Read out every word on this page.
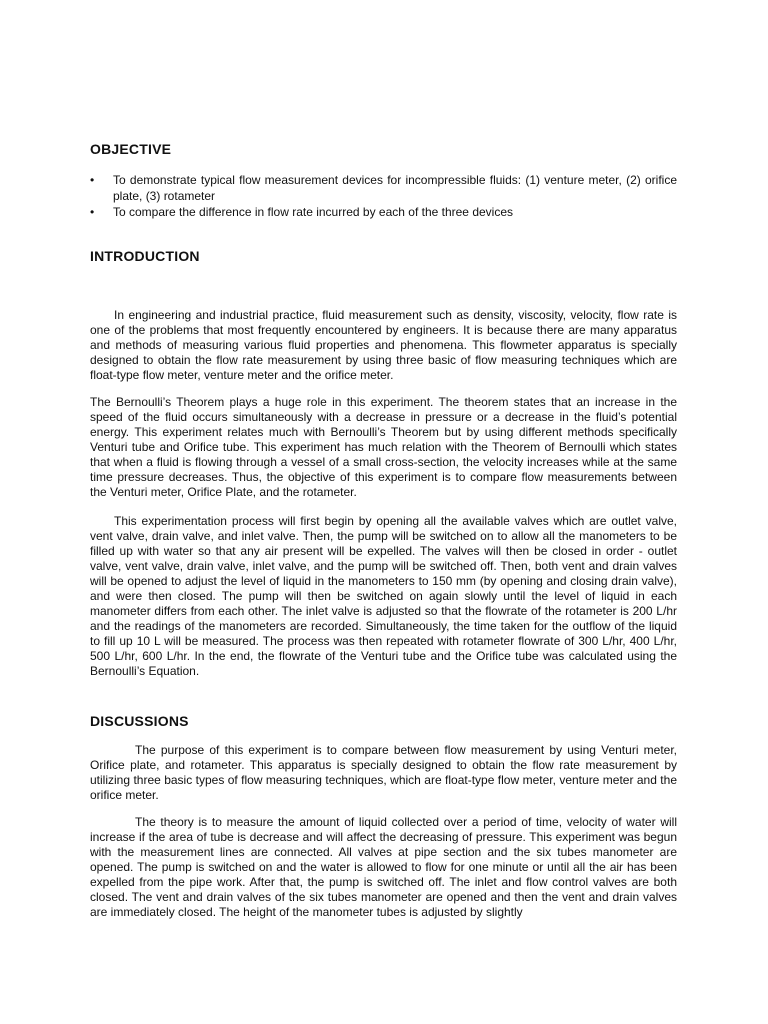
OBJECTIVE
• To demonstrate typical flow measurement devices for incompressible fluids: (1) venture meter, (2) orifice plate, (3) rotameter
• To compare the difference in flow rate incurred by each of the three devices
INTRODUCTION

In engineering and industrial practice, fluid measurement such as density, viscosity, velocity, flow rate is one of the problems that most frequently encountered by engineers. It is because there are many apparatus and methods of measuring various fluid properties and phenomena. This flowmeter apparatus is specially designed to obtain the flow rate measurement by using three basic of flow measuring techniques which are float-type flow meter, venture meter and the orifice meter.

The Bernoulli’s Theorem plays a huge role in this experiment. The theorem states that an increase in the speed of the fluid occurs simultaneously with a decrease in pressure or a decrease in the fluid’s potential energy. This experiment relates much with Bernoulli’s Theorem but by using different methods specifically Venturi tube and Orifice tube. This experiment has much relation with the Theorem of Bernoulli which states that when a fluid is flowing through a vessel of a small cross-section, the velocity increases while at the same time pressure decreases. Thus, the objective of this experiment is to compare flow measurements between the Venturi meter, Orifice Plate, and the rotameter.

This experimentation process will first begin by opening all the available valves which are outlet valve, vent valve, drain valve, and inlet valve. Then, the pump will be switched on to allow all the manometers to be filled up with water so that any air present will be expelled. The valves will then be closed in order - outlet valve, vent valve, drain valve, inlet valve, and the pump will be switched off. Then, both vent and drain valves will be opened to adjust the level of liquid in the manometers to 150 mm (by opening and closing drain valve), and were then closed. The pump will then be switched on again slowly until the level of liquid in each manometer differs from each other. The inlet valve is adjusted so that the flowrate of the rotameter is 200 L/hr and the readings of the manometers are recorded. Simultaneously, the time taken for the outflow of the liquid to fill up 10 L will be measured. The process was then repeated with rotameter flowrate of 300 L/hr, 400 L/hr, 500 L/hr, 600 L/hr. In the end, the flowrate of the Venturi tube and the Orifice tube was calculated using the Bernoulli’s Equation.

DISCUSSIONS

The purpose of this experiment is to compare between flow measurement by using Venturi meter, Orifice plate, and rotameter. This apparatus is specially designed to obtain the flow rate measurement by utilizing three basic types of flow measuring techniques, which are float-type flow meter, venture meter and the orifice meter.

The theory is to measure the amount of liquid collected over a period of time, velocity of water will increase if the area of tube is decrease and will affect the decreasing of pressure. This experiment was begun with the measurement lines are connected. All valves at pipe section and the six tubes manometer are opened. The pump is switched on and the water is allowed to flow for one minute or until all the air has been expelled from the pipe work. After that, the pump is switched off. The inlet and flow control valves are both closed. The vent and drain valves of the six tubes manometer are opened and then the vent and drain valves are immediately closed. The height of the manometer tubes is adjusted by slightly
